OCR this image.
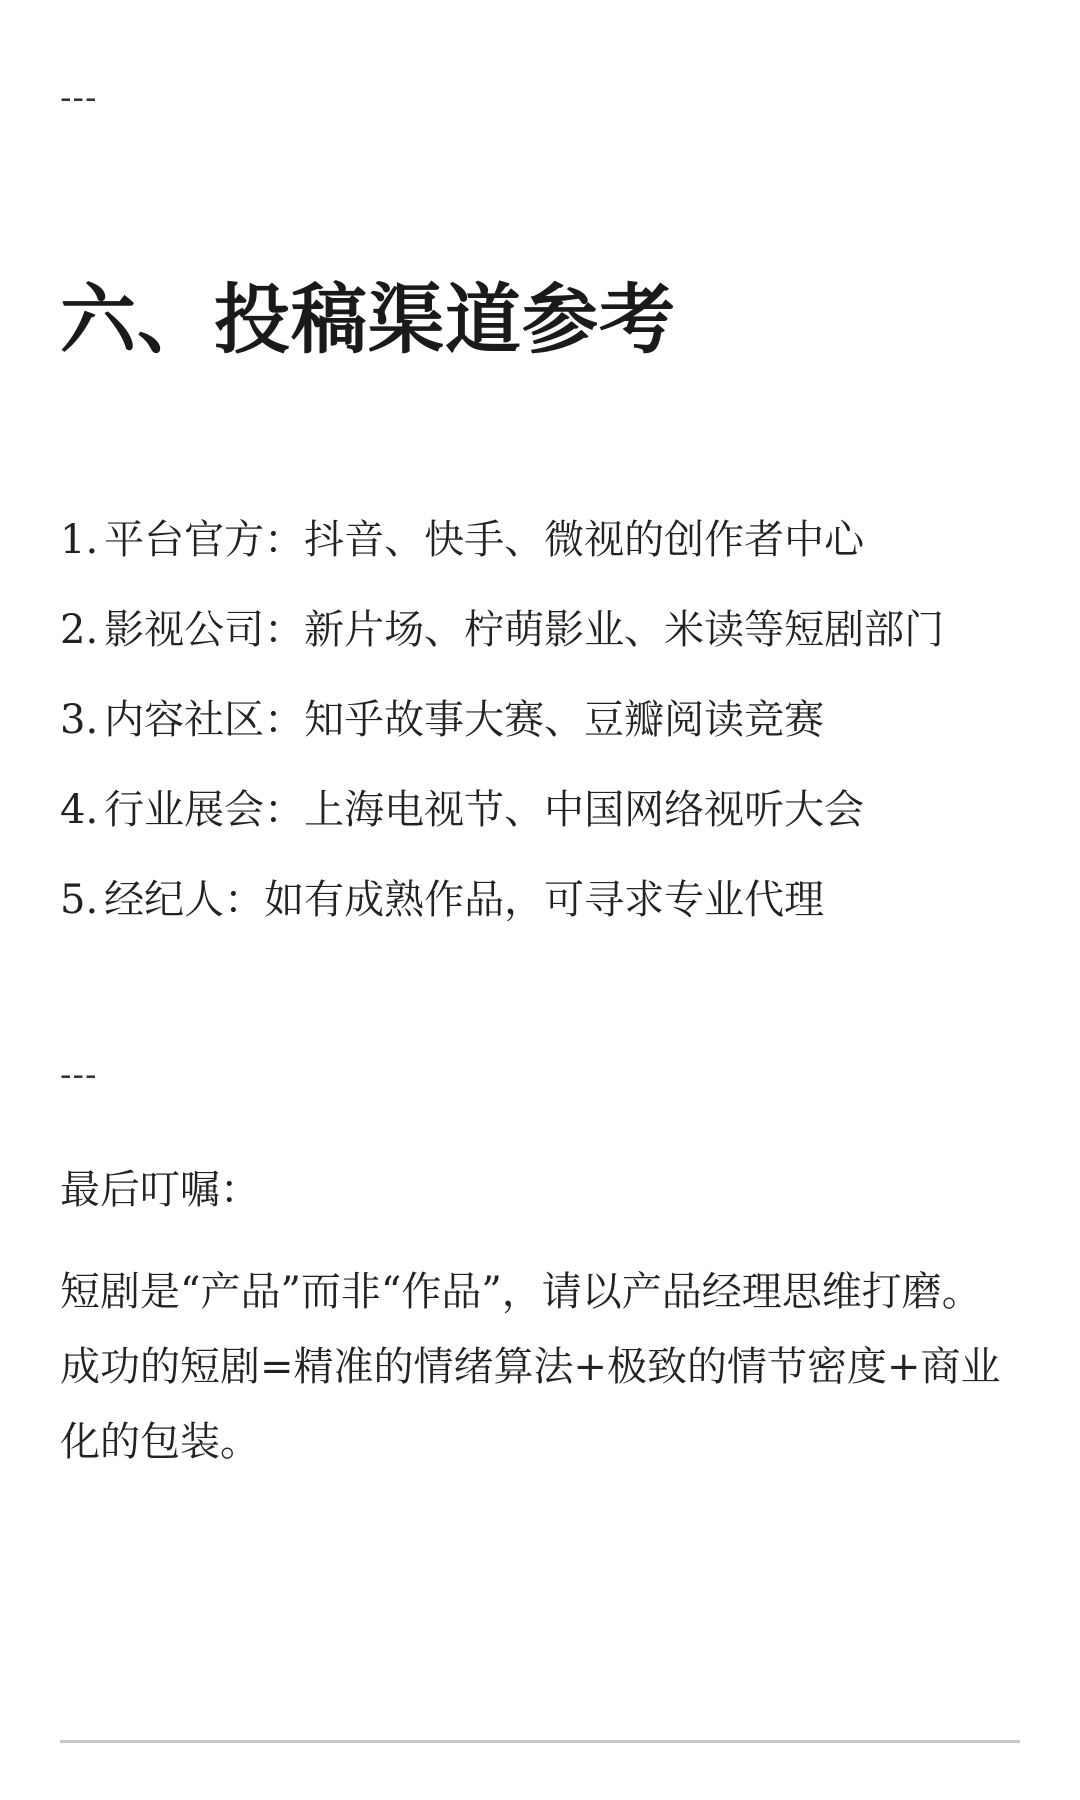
---
六、投稿渠道参考
1. 平台官方：抖音、快手、微视的创作者中心
2. 影视公司：新片场、柠萌影业、米读等短剧部门
3. 内容社区：知乎故事大赛、豆瓣阅读竞赛
4. 行业展会：上海电视节、中国网络视听大会
5. 经纪人：如有成熟作品，可寻求专业代理
---
最后叮嘱：

短剧是“产品”而非“作品”，请以产品经理思维打磨。成功的短剧=精准的情绪算法+极致的情节密度+商业化的包装。
